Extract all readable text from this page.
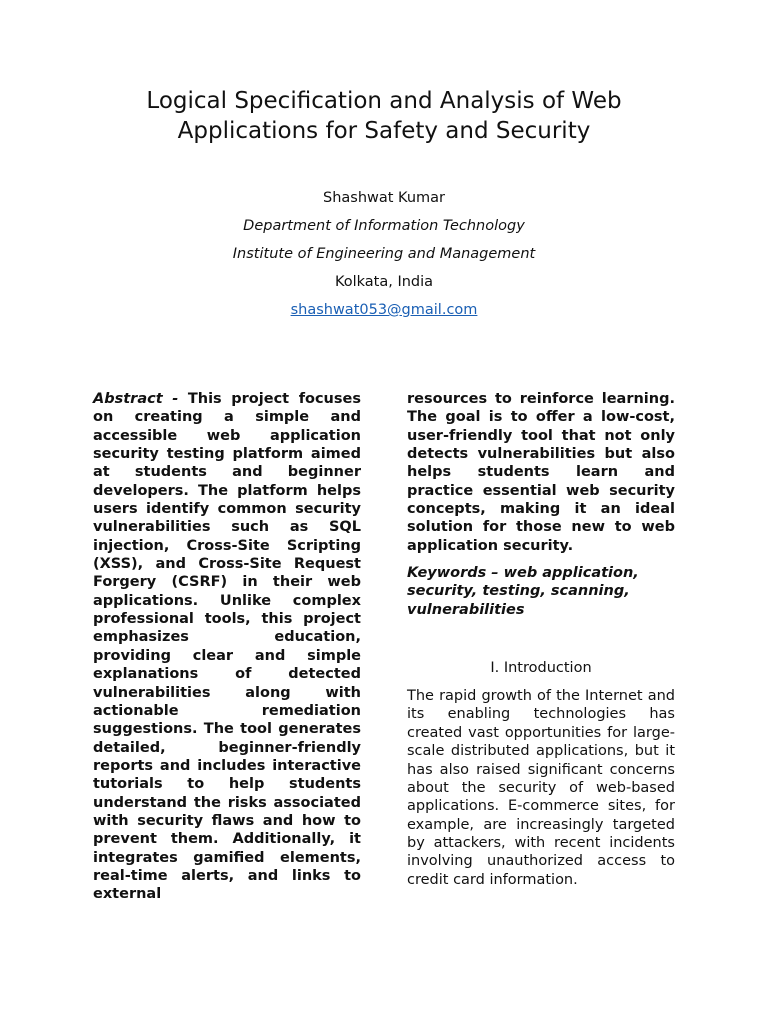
Logical Specification and Analysis of Web
Applications for Safety and Security
Shashwat Kumar
Department of Information Technology
Institute of Engineering and Management
Kolkata, India
shashwat053@gmail.com

Abstract - This project focuses on creating a simple and accessible web application security testing platform aimed at students and beginner developers. The platform helps users identify common security vulnerabilities such as SQL injection, Cross-Site Scripting (XSS), and Cross-Site Request Forgery (CSRF) in their web applications. Unlike complex professional tools, this project emphasizes education, providing clear and simple explanations of detected vulnerabilities along with actionable remediation suggestions. The tool generates detailed, beginner-friendly reports and includes interactive tutorials to help students understand the risks associated with security flaws and how to prevent them. Additionally, it integrates gamified elements, real-time alerts, and links to external

resources to reinforce learning. The goal is to offer a low-cost, user-friendly tool that not only detects vulnerabilities but also helps students learn and practice essential web security concepts, making it an ideal solution for those new to web application security.

Keywords – web application, security, testing, scanning, vulnerabilities

I. Introduction

The rapid growth of the Internet and its enabling technologies has created vast opportunities for large-scale distributed applications, but it has also raised significant concerns about the security of web-based applications. E-commerce sites, for example, are increasingly targeted by attackers, with recent incidents involving unauthorized access to credit card information.
